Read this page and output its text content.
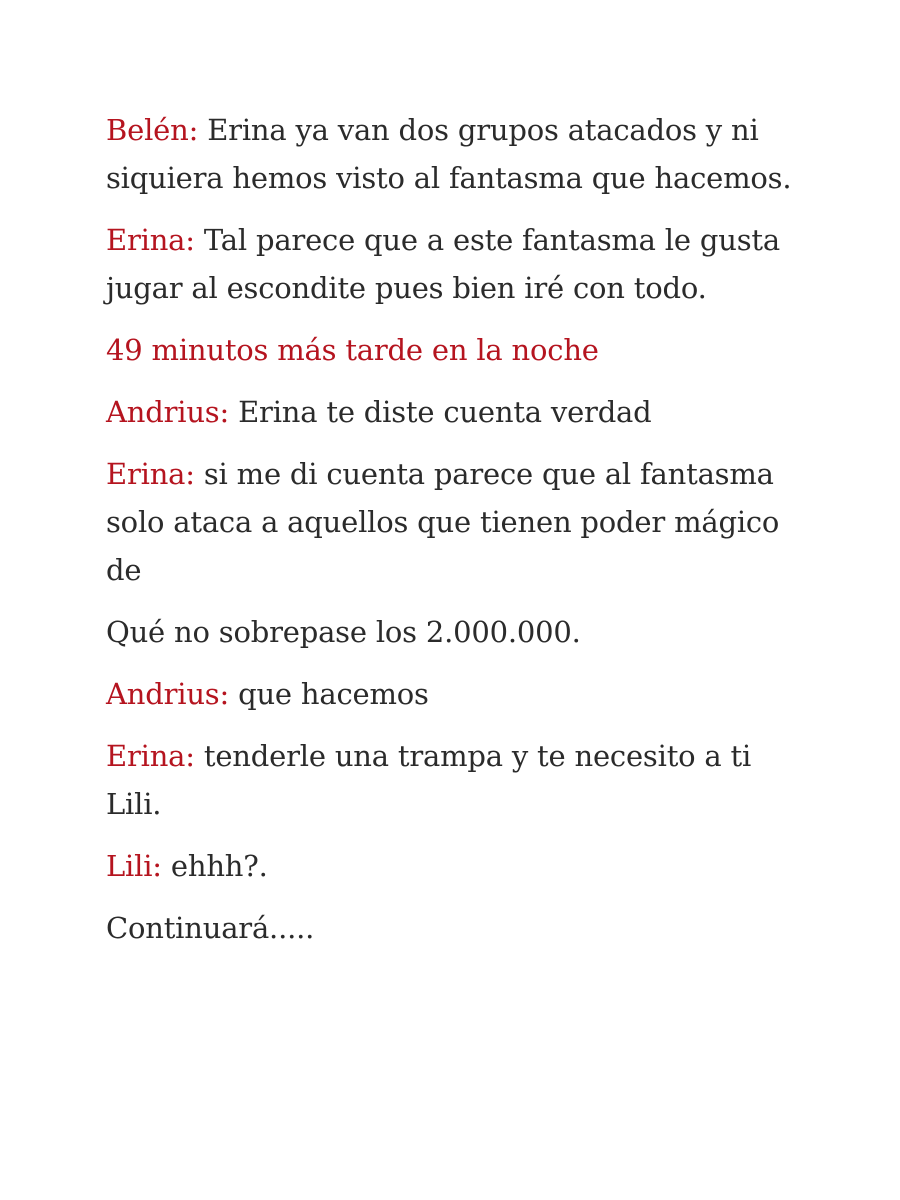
Belén: Erina ya van dos grupos atacados y ni siquiera hemos visto al fantasma que hacemos.

Erina: Tal parece que a este fantasma le gusta jugar al escondite pues bien iré con todo.

49 minutos más tarde en la noche

Andrius: Erina te diste cuenta verdad

Erina: si me di cuenta parece que al fantasma solo ataca a aquellos que tienen poder mágico de

Qué no sobrepase los 2.000.000.

Andrius: que hacemos

Erina: tenderle una trampa y te necesito a ti Lili.

Lili: ehhh?.

Continuará.....
